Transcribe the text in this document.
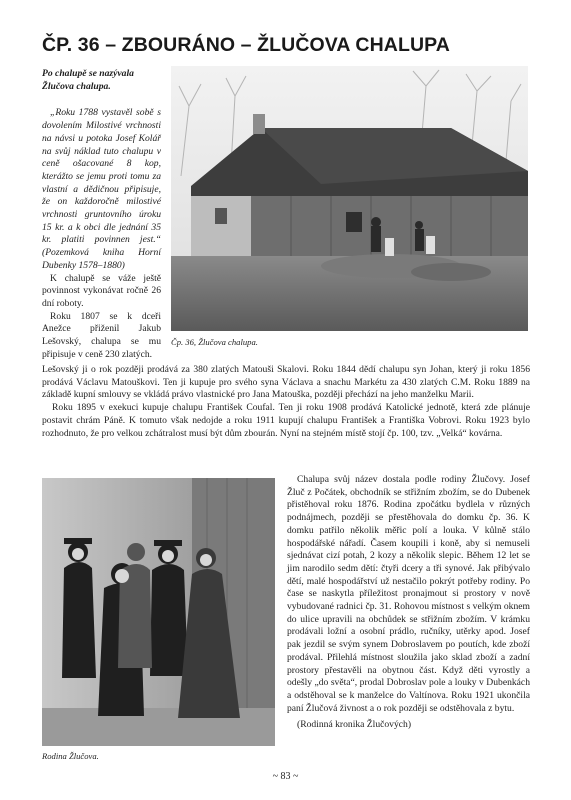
ČP. 36 – ZBOURÁNO – ŽLUČOVA CHALUPA

Po chalupě se nazývala Žlučova chalupa.

„Roku 1788 vystavěl sobě s dovolením Milostivé vrchnosti na návsi u potoka Josef Kolář na svůj náklad tuto chalupu v ceně ošacované 8 kop, kterážto se jemu proti tomu za vlastní a dědičnou připisuje, že on každoročně milostivé vrchnosti gruntovního úroku 15 kr. a k obci dle jednání 35 kr. platiti povinnen jest.“ (Pozemková kniha Horní Dubenky 1578–1880)

K chalupě se váže ještě povinnost vykonávat ročně 26 dní roboty.

Roku 1807 se k dceři Anežce přiženil Jakub Lešovský, chalupa se mu připisuje v ceně 230 zlatých.

Čp. 36, Žlučova chalupa.

Lešovský ji o rok později prodává za 380 zlatých Matouši Skalovi. Roku 1844 dědí chalupu syn Johan, který ji roku 1856 prodává Václavu Matouškovi. Ten ji kupuje pro svého syna Václava a snachu Markétu za 430 zlatých C.M. Roku 1889 na základě kupní smlouvy se vkládá právo vlastnické pro Jana Matouška, později přechází na jeho manželku Marii.

Roku 1895 v exekuci kupuje chalupu František Coufal. Ten ji roku 1908 prodává Katolické jednotě, která zde plánuje postavit chrám Páně. K tomuto však nedojde a roku 1911 kupují chalupu František a Františka Vobrovi. Roku 1923 bylo rozhodnuto, že pro velkou zchátralost musí být dům zbourán. Nyní na stejném místě stojí čp. 100, tzv. „Velká“ kovárna.

Rodina Žlučova.

Chalupa svůj název dostala podle rodiny Žlučovy. Josef Žluč z Počátek, obchodník se střižním zbožím, se do Dubenek přistěhoval roku 1876. Rodina zpočátku bydlela v různých podnájmech, později se přestěhovala do domku čp. 36. K domku patřilo několik měřic polí a louka. V kůlně stálo hospodářské nářadí. Časem koupili i koně, aby si nemuseli sjednávat cizí potah, 2 kozy a několik slepic. Během 12 let se jim narodilo sedm dětí: čtyři dcery a tři synové. Jak přibývalo dětí, malé hospodářství už nestačilo pokrýt potřeby rodiny. Po čase se naskytla příležitost pronajmout si prostory v nově vybudované radnici čp. 31. Rohovou místnost s velkým oknem do ulice upravili na obchůdek se střižním zbožím. V krámku prodávali ložní a osobní prádlo, ručníky, utěrky apod. Josef pak jezdil se svým synem Dobroslavem po poutích, kde zboží prodával. Přilehlá místnost sloužila jako sklad zboží a zadní prostory přestavěli na obytnou část. Když děti vyrostly a odešly „do světa“, prodal Dobroslav pole a louky v Dubenkách a odstěhoval se k manželce do Valtínova. Roku 1921 ukončila paní Žlučová živnost a o rok později se odstěhovala z bytu.

(Rodinná kronika Žlučových)

~ 83 ~
